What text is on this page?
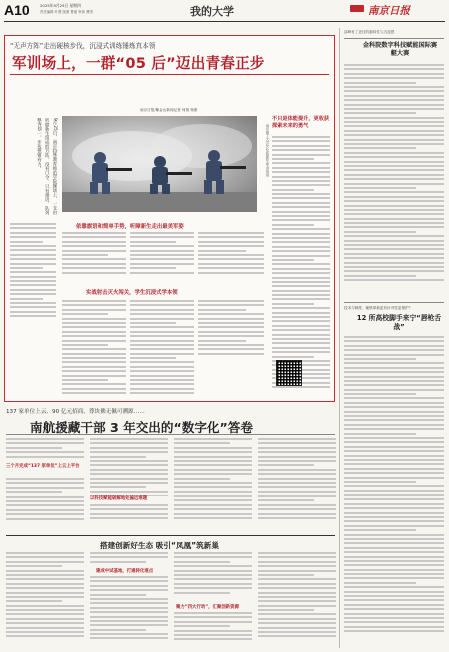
A10	2025年9月25日 星期四
责任编辑 叶慧 版面 曹丽 审读 曹国	我的大学	南京日报
“无声方阵”走出硬核步伐，沉浸式训练锤炼真本领
军训场上，一群“05 后”迈出青春正步
9月25日，南京特殊教育师范学院操场上，一支由听障新生组成的方阵，没有口令，只有旗语，队列整齐划一，步伐铿锵有力。
南京日报/紫金山新闻记者 何晟 杨康
南京理工大学2025级新生军训现场
不只是体能提升，更收获探索未来的勇气
依靠旗语和简单手势，听障新生走出最美军姿
实战射击灭火闯关，学生沉浸式学本领
邵峰有了更佳的趣味性与沉浸感
金科院数字科技赋能国际赛艇大赛
技术与制度、硬核革新更有针对性更保护？
12 所高校脚手来宁“唇枪舌战”
137 家单位上云、90 亿元招商、尊块佛无佩可溯源……
南航援藏干部 3 年交出的“数字化”答卷
三个月完成“137 家单位”上云上平台
以科技赋能破解地处偏远难题
搭建创新好生态 吸引“凤凰”筑新巢
建成中试基地，打通转化难点
聚力“四大行动”，汇聚创新资源
